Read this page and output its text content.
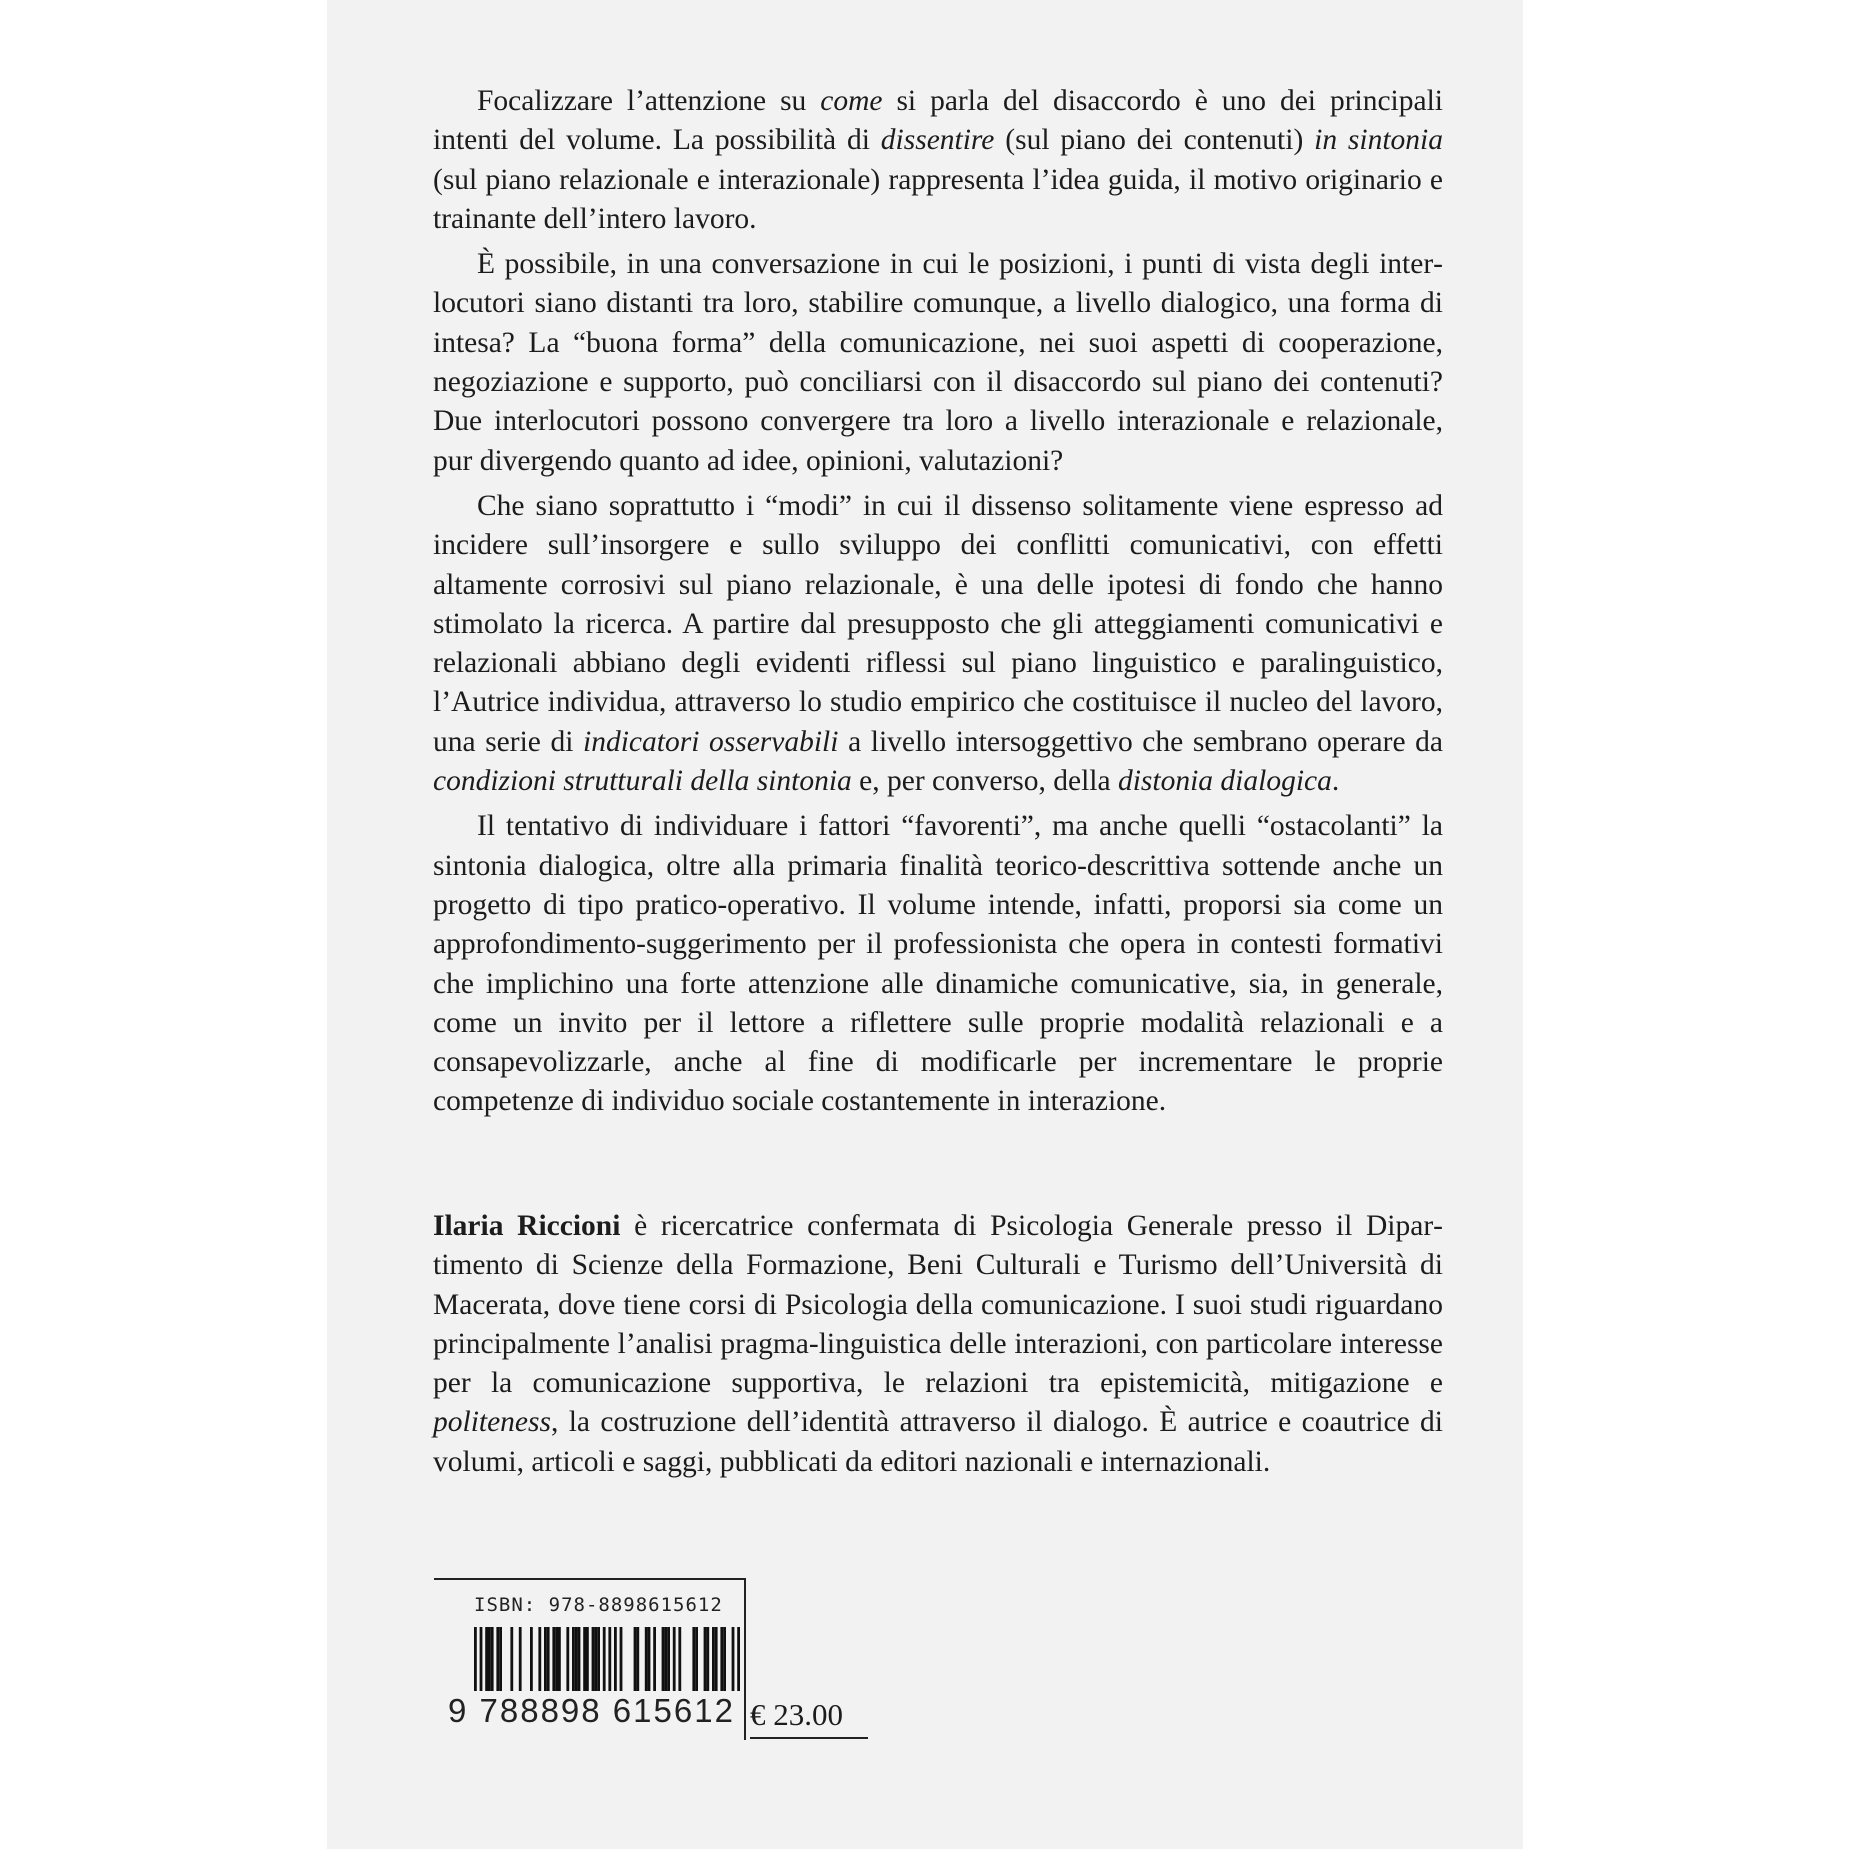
Focalizzare l’attenzione su come si parla del disaccordo è uno dei principali intenti del volume. La possibilità di dissentire (sul piano dei contenuti) in sintonia (sul piano relazionale e interazionale) rappresenta l’idea guida, il motivo originario e trainante dell’intero lavoro.

È possibile, in una conversazione in cui le posizioni, i punti di vista degli interlocutori siano distanti tra loro, stabilire comunque, a livello dialogico, una forma di intesa? La “buona forma” della comunicazione, nei suoi aspetti di cooperazione, negoziazione e supporto, può conciliarsi con il disaccordo sul piano dei contenuti? Due interlocutori possono convergere tra loro a livello interazionale e relazionale, pur divergendo quanto ad idee, opinioni, valutazioni?

Che siano soprattutto i “modi” in cui il dissenso solitamente viene espresso ad incidere sull’insorgere e sullo sviluppo dei conflitti comunicativi, con effetti altamente corrosivi sul piano relazionale, è una delle ipotesi di fondo che hanno stimolato la ricerca. A partire dal presupposto che gli atteggiamenti comunicativi e relazionali abbiano degli evidenti riflessi sul piano linguistico e paralinguistico, l’Autrice individua, attraverso lo studio empirico che costituisce il nucleo del lavoro, una serie di indicatori osservabili a livello intersoggettivo che sembrano operare da condizioni strutturali della sintonia e, per converso, della distonia dialogica.

Il tentativo di individuare i fattori “favorenti”, ma anche quelli “ostacolanti” la sintonia dialogica, oltre alla primaria finalità teorico-descrittiva sottende anche un progetto di tipo pratico-operativo. Il volume intende, infatti, proporsi sia come un approfondimento-suggerimento per il professionista che opera in contesti formativi che implichino una forte attenzione alle dinamiche comunicative, sia, in generale, come un invito per il lettore a riflettere sulle proprie modalità relazionali e a consapevolizzarle, anche al fine di modificarle per incrementare le proprie competenze di individuo sociale costantemente in interazione.

Ilaria Riccioni è ricercatrice confermata di Psicologia Generale presso il Dipartimento di Scienze della Formazione, Beni Culturali e Turismo dell’Università di Macerata, dove tiene corsi di Psicologia della comunicazione. I suoi studi riguardano principalmente l’analisi pragma-linguistica delle interazioni, con particolare interesse per la comunicazione supportiva, le relazioni tra epistemicità, mitigazione e politeness, la costruzione dell’identità attraverso il dialogo. È autrice e coautrice di volumi, articoli e saggi, pubblicati da editori nazionali e internazionali.

ISBN: 978-8898615612
9 788898 615612 € 23.00
